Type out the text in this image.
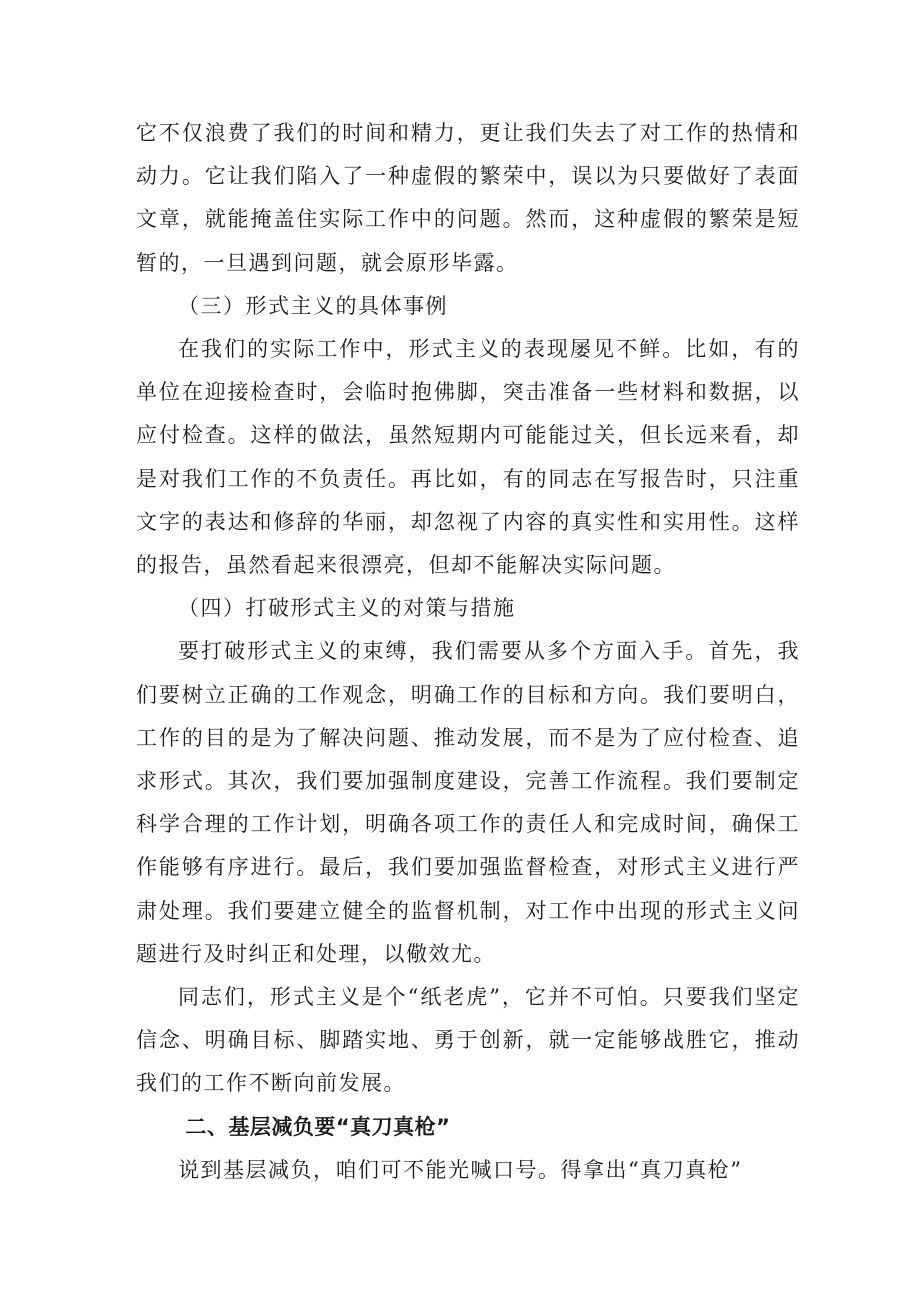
它不仅浪费了我们的时间和精力，更让我们失去了对工作的热情和动力。它让我们陷入了一种虚假的繁荣中，误以为只要做好了表面文章，就能掩盖住实际工作中的问题。然而，这种虚假的繁荣是短暂的，一旦遇到问题，就会原形毕露。

（三）形式主义的具体事例

在我们的实际工作中，形式主义的表现屡见不鲜。比如，有的单位在迎接检查时，会临时抱佛脚，突击准备一些材料和数据，以应付检查。这样的做法，虽然短期内可能能过关，但长远来看，却是对我们工作的不负责任。再比如，有的同志在写报告时，只注重文字的表达和修辞的华丽，却忽视了内容的真实性和实用性。这样的报告，虽然看起来很漂亮，但却不能解决实际问题。

（四）打破形式主义的对策与措施

要打破形式主义的束缚，我们需要从多个方面入手。首先，我们要树立正确的工作观念，明确工作的目标和方向。我们要明白，工作的目的是为了解决问题、推动发展，而不是为了应付检查、追求形式。其次，我们要加强制度建设，完善工作流程。我们要制定科学合理的工作计划，明确各项工作的责任人和完成时间，确保工作能够有序进行。最后，我们要加强监督检查，对形式主义进行严肃处理。我们要建立健全的监督机制，对工作中出现的形式主义问题进行及时纠正和处理，以儆效尤。

同志们，形式主义是个“纸老虎”，它并不可怕。只要我们坚定信念、明确目标、脚踏实地、勇于创新，就一定能够战胜它，推动我们的工作不断向前发展。

二、基层减负要“真刀真枪”

说到基层减负，咱们可不能光喊口号。得拿出“真刀真枪”
